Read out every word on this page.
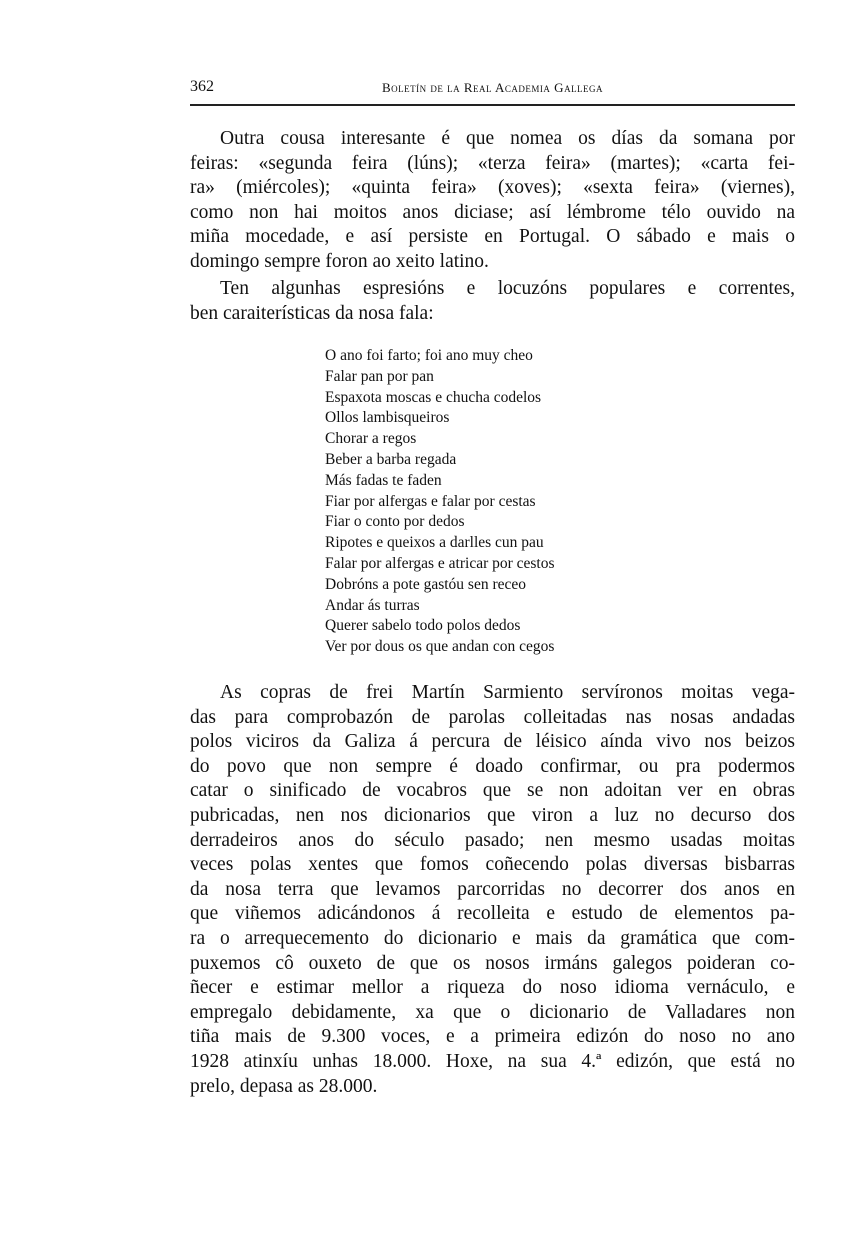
362	Boletín de la Real Academia Gallega
Outra cousa interesante é que nomea os días da somana por
feiras: «segunda feira (lúns); «terza feira» (martes); «carta fei-
ra» (miércoles); «quinta feira» (xoves); «sexta feira» (viernes),
como non hai moitos anos diciase; así lémbrome télo ouvido na
miña mocedade, e así persiste en Portugal. O sábado e mais o
domingo sempre foron ao xeito latino.
Ten algunhas espresións e locuzóns populares e correntes,
ben caraiterísticas da nosa fala:
O ano foi farto; foi ano muy cheo
Falar pan por pan
Espaxota moscas e chucha codelos
Ollos lambisqueiros
Chorar a regos
Beber a barba regada
Más fadas te faden
Fiar por alfergas e falar por cestas
Fiar o conto por dedos
Ripotes e queixos a darlles cun pau
Falar por alfergas e atricar por cestos
Dobróns a pote gastóu sen receo
Andar ás turras
Querer sabelo todo polos dedos
Ver por dous os que andan con cegos
As copras de frei Martín Sarmiento servíronos moitas vega-
das para comprobazón de parolas colleitadas nas nosas andadas
polos viciros da Galiza á percura de léisico aínda vivo nos beizos
do povo que non sempre é doado confirmar, ou pra podermos
catar o sinificado de vocabros que se non adoitan ver en obras
pubricadas, nen nos dicionarios que viron a luz no decurso dos
derradeiros anos do século pasado; nen mesmo usadas moitas
veces polas xentes que fomos coñecendo polas diversas bisbarras
da nosa terra que levamos parcorridas no decorrer dos anos en
que viñemos adicándonos á recolleita e estudo de elementos pa-
ra o arrequecemento do dicionario e mais da gramática que com-
puxemos cô ouxeto de que os nosos irmáns galegos poideran co-
ñecer e estimar mellor a riqueza do noso idioma vernáculo, e
empregalo debidamente, xa que o dicionario de Valladares non
tiña mais de 9.300 voces, e a primeira edizón do noso no ano
1928 atinxíu unhas 18.000. Hoxe, na sua 4.ª edizón, que está no
prelo, depasa as 28.000.
